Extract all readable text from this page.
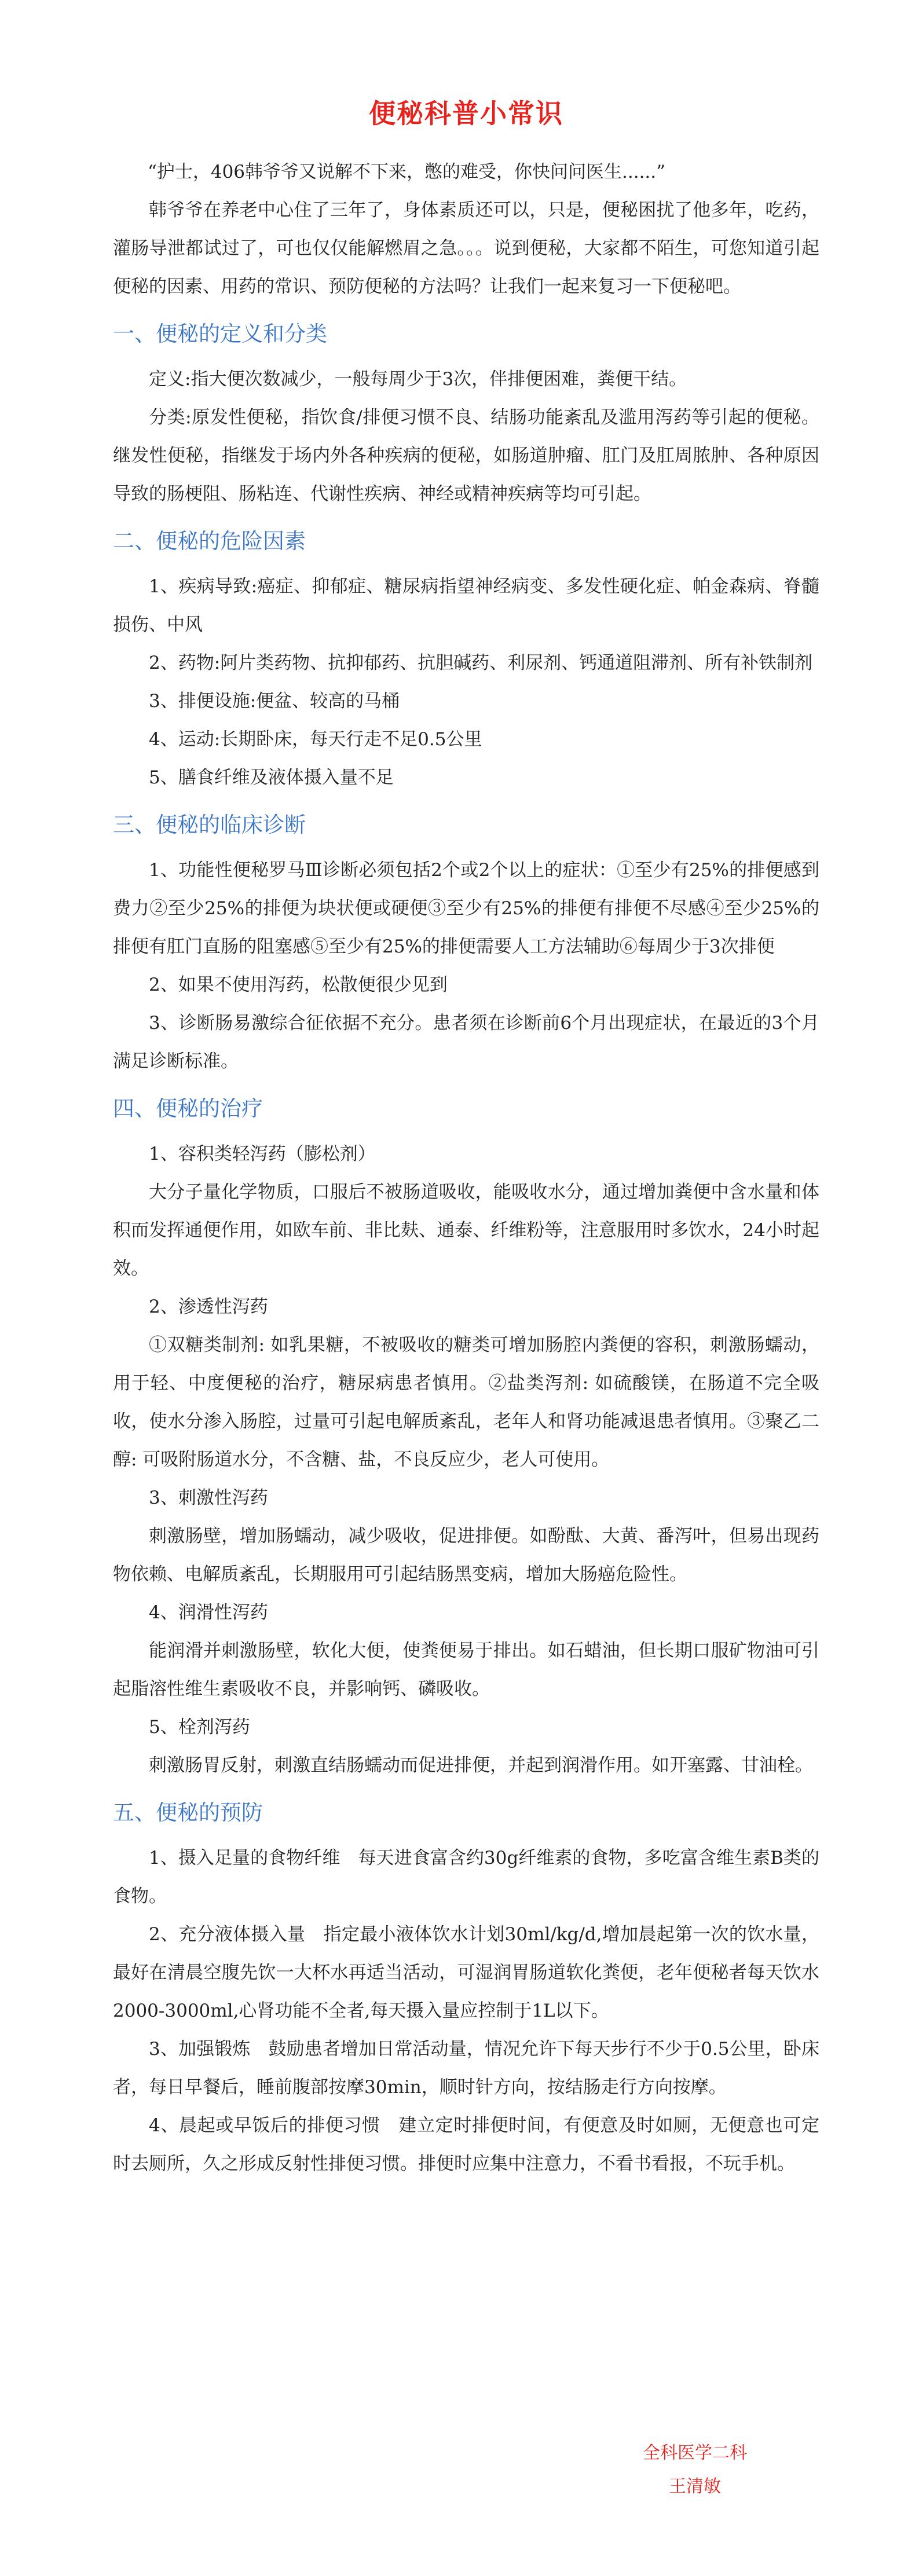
便秘科普小常识

“护士，406韩爷爷又说解不下来，憋的难受，你快问问医生......”

韩爷爷在养老中心住了三年了，身体素质还可以，只是，便秘困扰了他多年，吃药，灌肠导泄都试过了，可也仅仅能解燃眉之急。。。说到便秘，大家都不陌生，可您知道引起便秘的因素、用药的常识、预防便秘的方法吗？让我们一起来复习一下便秘吧。

一、便秘的定义和分类

定义:指大便次数减少，一般每周少于3次，伴排便困难，粪便干结。

分类:原发性便秘，指饮食/排便习惯不良、结肠功能紊乱及滥用泻药等引起的便秘。继发性便秘，指继发于场内外各种疾病的便秘，如肠道肿瘤、肛门及肛周脓肿、各种原因导致的肠梗阻、肠粘连、代谢性疾病、神经或精神疾病等均可引起。

二、便秘的危险因素

1、疾病导致:癌症、抑郁症、糖尿病指望神经病变、多发性硬化症、帕金森病、脊髓损伤、中风

2、药物:阿片类药物、抗抑郁药、抗胆碱药、利尿剂、钙通道阻滞剂、所有补铁制剂

3、排便设施:便盆、较高的马桶

4、运动:长期卧床，每天行走不足0.5公里

5、膳食纤维及液体摄入量不足

三、便秘的临床诊断

1、功能性便秘罗马Ⅲ诊断必须包括2个或2个以上的症状：①至少有25%的排便感到费力②至少25%的排便为块状便或硬便③至少有25%的排便有排便不尽感④至少25%的排便有肛门直肠的阻塞感⑤至少有25%的排便需要人工方法辅助⑥每周少于3次排便

2、如果不使用泻药，松散便很少见到

3、诊断肠易激综合征依据不充分。患者须在诊断前6个月出现症状，在最近的3个月满足诊断标准。

四、便秘的治疗

1、容积类轻泻药（膨松剂）

大分子量化学物质，口服后不被肠道吸收，能吸收水分，通过增加粪便中含水量和体积而发挥通便作用，如欧车前、非比麸、通泰、纤维粉等，注意服用时多饮水，24小时起效。

2、渗透性泻药

①双糖类制剂: 如乳果糖，不被吸收的糖类可增加肠腔内粪便的容积，刺激肠蠕动，用于轻、中度便秘的治疗，糖尿病患者慎用。②盐类泻剂: 如硫酸镁，在肠道不完全吸收，使水分渗入肠腔，过量可引起电解质紊乱，老年人和肾功能减退患者慎用。③聚乙二醇: 可吸附肠道水分，不含糖、盐，不良反应少，老人可使用。

3、刺激性泻药

刺激肠壁，增加肠蠕动，减少吸收，促进排便。如酚酞、大黄、番泻叶，但易出现药物依赖、电解质紊乱，长期服用可引起结肠黑变病，增加大肠癌危险性。

4、润滑性泻药

能润滑并刺激肠壁，软化大便，使粪便易于排出。如石蜡油，但长期口服矿物油可引起脂溶性维生素吸收不良，并影响钙、磷吸收。

5、栓剂泻药

刺激肠胃反射，刺激直结肠蠕动而促进排便，并起到润滑作用。如开塞露、甘油栓。

五、便秘的预防

1、摄入足量的食物纤维　每天进食富含约30g纤维素的食物，多吃富含维生素B类的食物。

2、充分液体摄入量　指定最小液体饮水计划30ml/kg/d,增加晨起第一次的饮水量，最好在清晨空腹先饮一大杯水再适当活动，可湿润胃肠道软化粪便，老年便秘者每天饮水2000-3000ml,心肾功能不全者,每天摄入量应控制于1L以下。

3、加强锻炼　鼓励患者增加日常活动量，情况允许下每天步行不少于0.5公里，卧床者，每日早餐后，睡前腹部按摩30min，顺时针方向，按结肠走行方向按摩。

4、晨起或早饭后的排便习惯　建立定时排便时间，有便意及时如厕，无便意也可定时去厕所，久之形成反射性排便习惯。排便时应集中注意力，不看书看报，不玩手机。

全科医学二科
王清敏
